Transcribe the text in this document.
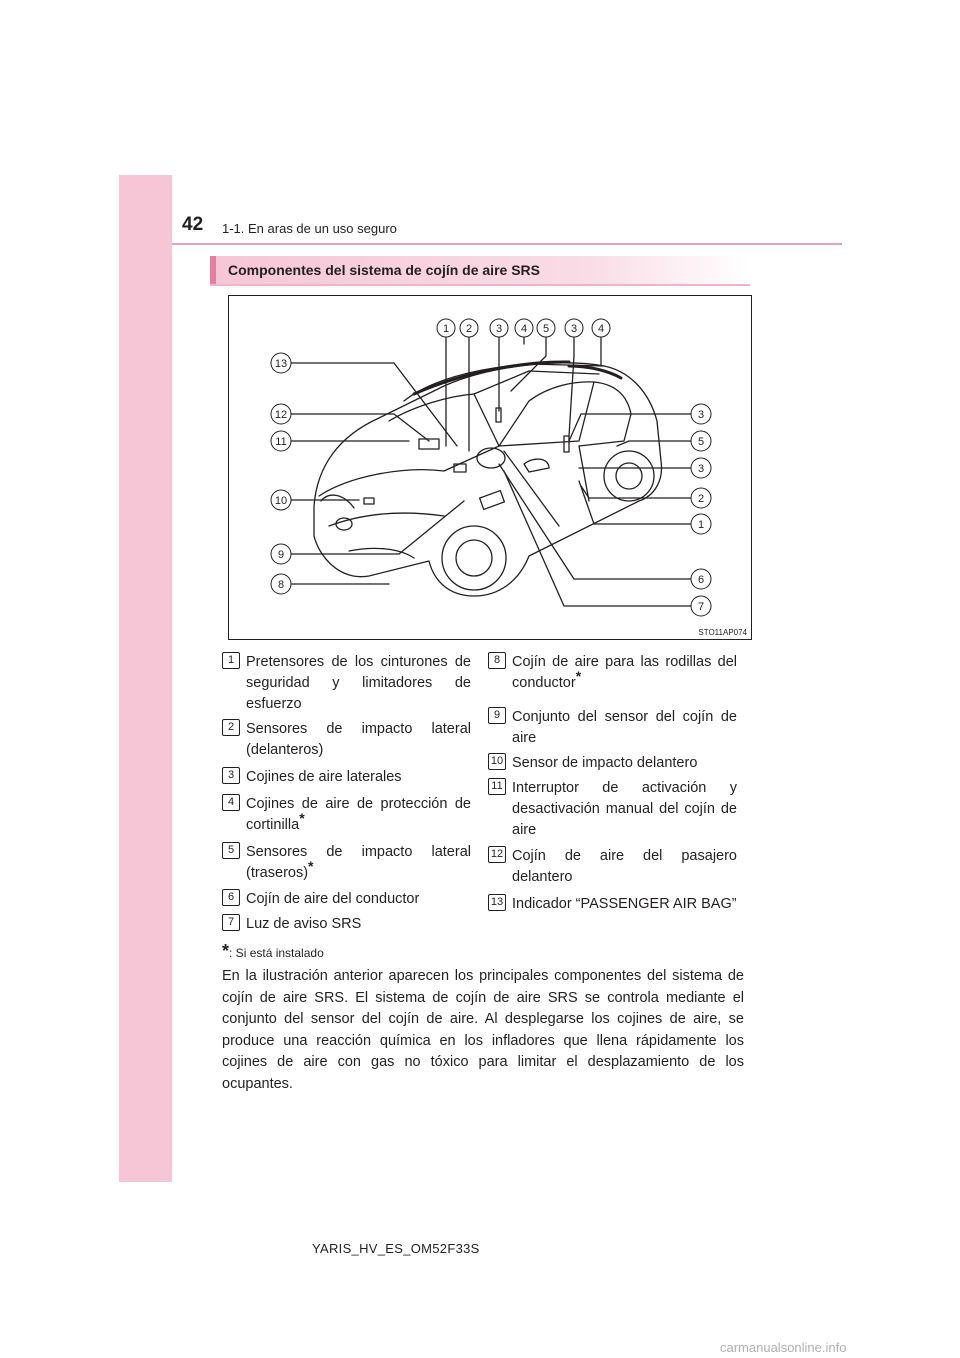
42 1-1. En aras de un uso seguro
Componentes del sistema de cojín de aire SRS
1 2 3 4 5 3 4
13
12
11
10
9
8
3
5
3
2
1
6
7
STO11AP074
1 Pretensores de los cinturones de seguridad y limitadores de esfuerzo
2 Sensores de impacto lateral (delanteros)
3 Cojines de aire laterales
4 Cojines de aire de protección de cortinilla*
5 Sensores de impacto lateral (traseros)*
6 Cojín de aire del conductor
7 Luz de aviso SRS
8 Cojín de aire para las rodillas del conductor*
9 Conjunto del sensor del cojín de aire
10 Sensor de impacto delantero
11 Interruptor de activación y desactivación manual del cojín de aire
12 Cojín de aire del pasajero delantero
13 Indicador “PASSENGER AIR BAG”
*: Si está instalado
En la ilustración anterior aparecen los principales componentes del sistema de cojín de aire SRS. El sistema de cojín de aire SRS se controla mediante el conjunto del sensor del cojín de aire. Al desplegarse los cojines de aire, se produce una reacción química en los infladores que llena rápidamente los cojines de aire con gas no tóxico para limitar el desplazamiento de los ocupantes.
YARIS_HV_ES_OM52F33S
carmanualsonline.info
